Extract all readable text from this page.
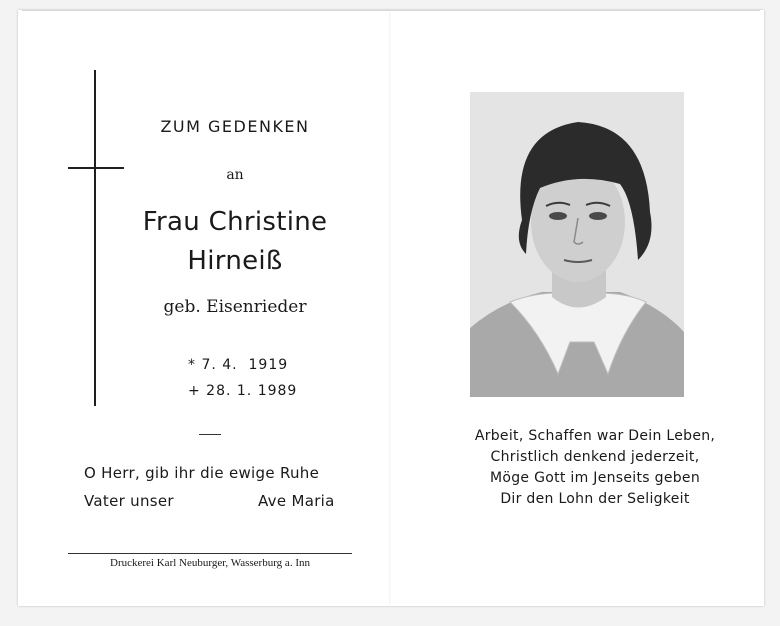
ZUM GEDENKEN
an
Frau Christine
Hirneiß
geb. Eisenrieder
* 7. 4.  1919
+ 28. 1. 1989
O Herr, gib ihr die ewige Ruhe
Vater unser	Ave Maria
Druckerei Karl Neuburger, Wasserburg a. Inn
Arbeit, Schaffen war Dein Leben,
Christlich denkend jederzeit,
Möge Gott im Jenseits geben
Dir den Lohn der Seligkeit
